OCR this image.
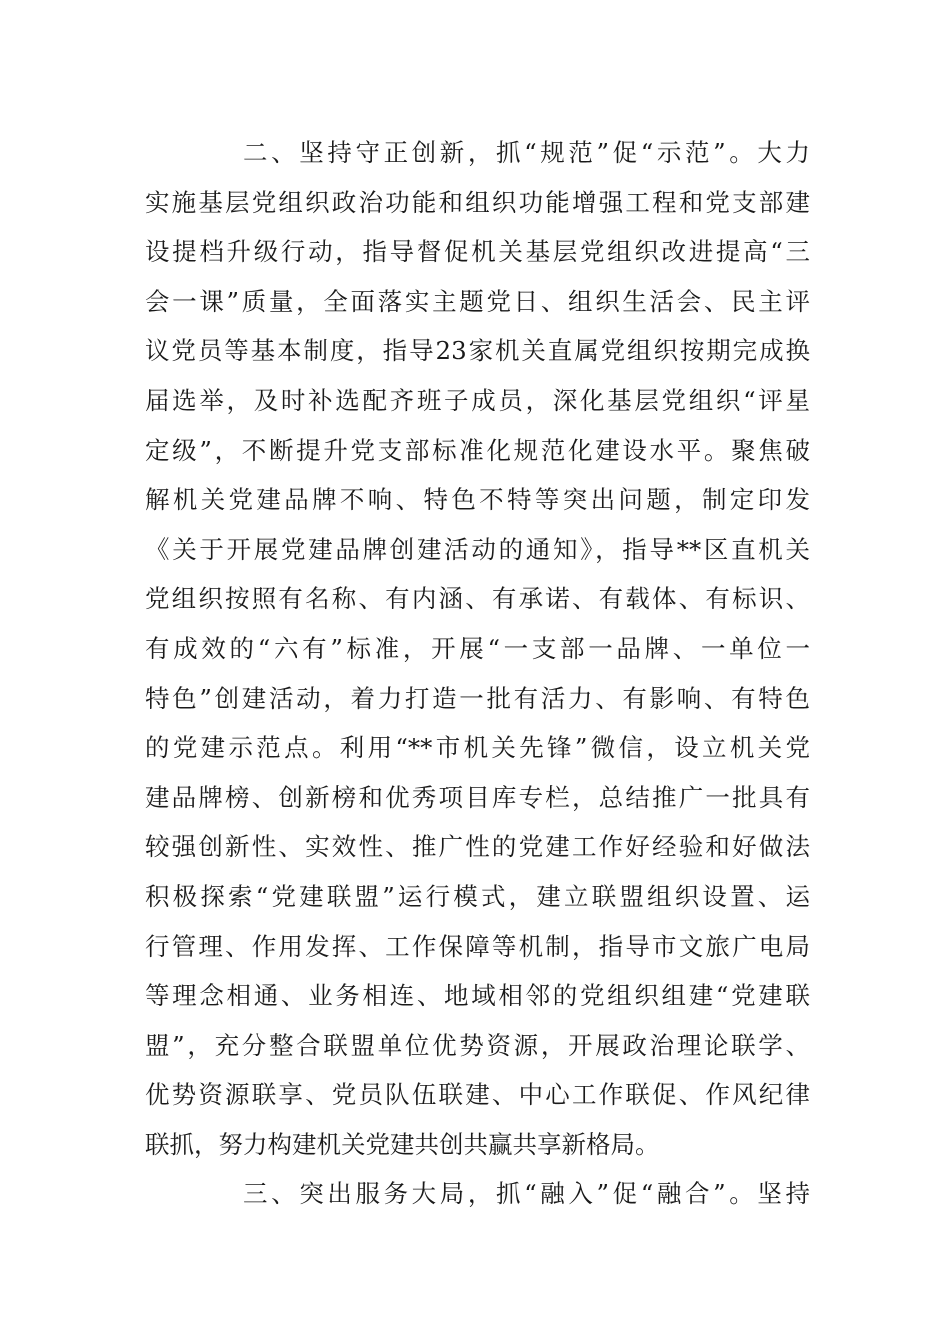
二、坚持守正创新，抓“规范”促“示范”。大力
实施基层党组织政治功能和组织功能增强工程和党支部建
设提档升级行动，指导督促机关基层党组织改进提高“三
会一课”质量，全面落实主题党日、组织生活会、民主评
议党员等基本制度，指导23家机关直属党组织按期完成换
届选举，及时补选配齐班子成员，深化基层党组织“评星
定级”，不断提升党支部标准化规范化建设水平。聚焦破
解机关党建品牌不响、特色不特等突出问题，制定印发
《关于开展党建品牌创建活动的通知》，指导**区直机关
党组织按照有名称、有内涵、有承诺、有载体、有标识、
有成效的“六有”标准，开展“一支部一品牌、一单位一
特色”创建活动，着力打造一批有活力、有影响、有特色
的党建示范点。利用“**市机关先锋”微信，设立机关党
建品牌榜、创新榜和优秀项目库专栏，总结推广一批具有
较强创新性、实效性、推广性的党建工作好经验和好做法
积极探索“党建联盟”运行模式，建立联盟组织设置、运
行管理、作用发挥、工作保障等机制，指导市文旅广电局
等理念相通、业务相连、地域相邻的党组织组建“党建联
盟”，充分整合联盟单位优势资源，开展政治理论联学、
优势资源联享、党员队伍联建、中心工作联促、作风纪律
联抓，努力构建机关党建共创共赢共享新格局。
三、突出服务大局，抓“融入”促“融合”。坚持
